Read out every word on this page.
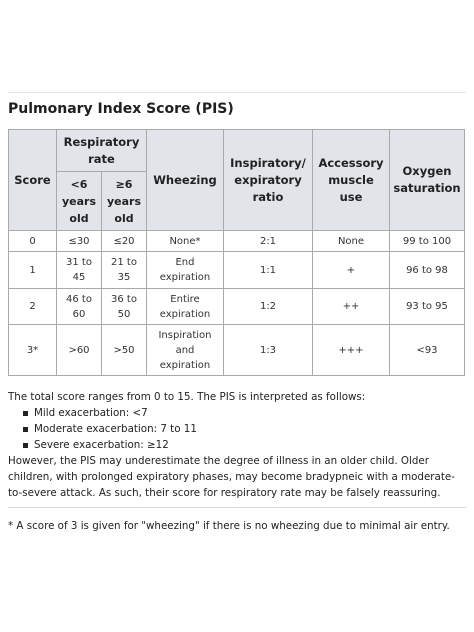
Pulmonary Index Score (PIS)
Score	Respiratory rate		Wheezing	Inspiratory/ expiratory ratio	Accessory muscle use	Oxygen saturation
	<6 years old	≥6 years old				
0	≤30	≤20	None*	2:1	None	99 to 100
1	31 to 45	21 to 35	End expiration	1:1	+	96 to 98
2	46 to 60	36 to 50	Entire expiration	1:2	++	93 to 95
3*	>60	>50	Inspiration and expiration	1:3	+++	<93

The total score ranges from 0 to 15. The PIS is interpreted as follows:

Mild exacerbation: <7
Moderate exacerbation: 7 to 11
Severe exacerbation: ≥12

However, the PIS may underestimate the degree of illness in an older child. Older children, with prolonged expiratory phases, may become bradypneic with a moderate-to-severe attack. As such, their score for respiratory rate may be falsely reassuring.

* A score of 3 is given for "wheezing" if there is no wheezing due to minimal air entry.
